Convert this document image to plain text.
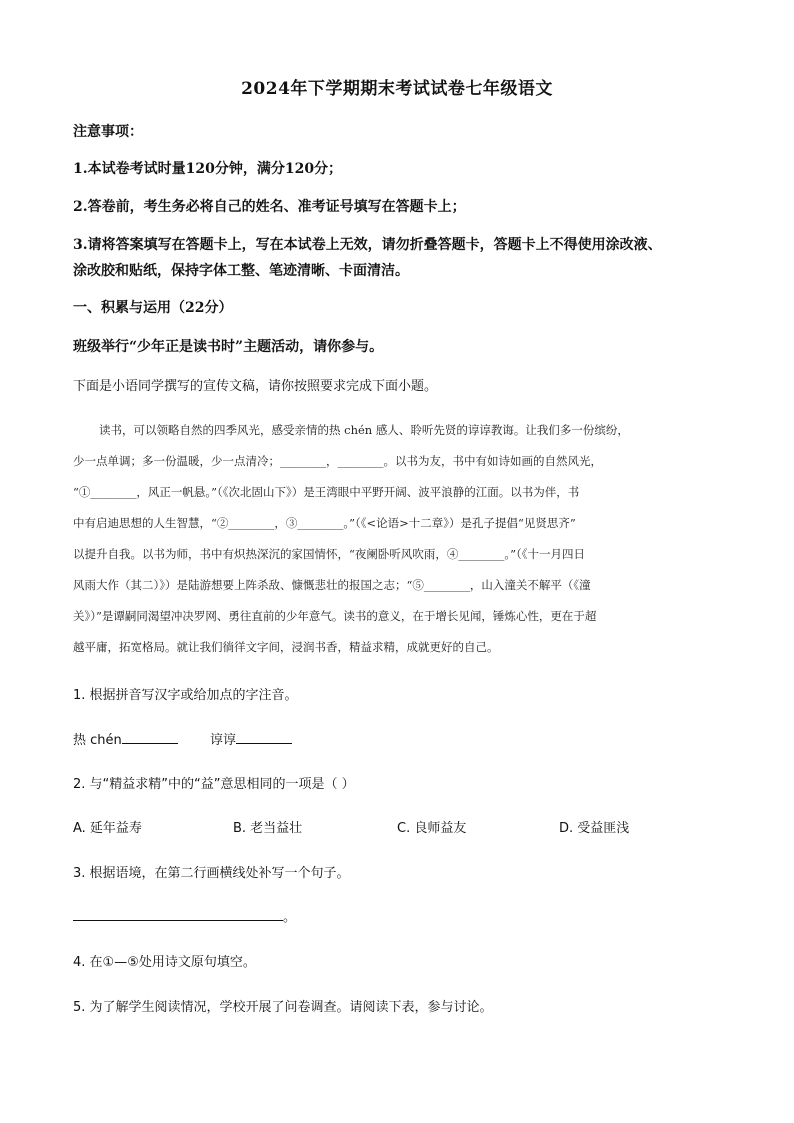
2024年下学期期末考试试卷七年级语文
注意事项：
1.本试卷考试时量120分钟，满分120分；
2.答卷前，考生务必将自己的姓名、准考证号填写在答题卡上；
3.请将答案填写在答题卡上，写在本试卷上无效，请勿折叠答题卡，答题卡上不得使用涂改液、
涂改胶和贴纸，保持字体工整、笔迹清晰、卡面清洁。
一、积累与运用（22分）
班级举行“少年正是读书时”主题活动，请你参与。
下面是小语同学撰写的宣传文稿，请你按照要求完成下面小题。
读书，可以领略自然的四季风光，感受亲情的热 chén 感人、聆听先贤的谆谆教诲。让我们多一份缤纷，
少一点单调；多一份温暖，少一点清冷；________，________。以书为友，书中有如诗如画的自然风光，
“①________，风正一帆悬。”（《次北固山下》）是王湾眼中平野开阔、波平浪静的江面。以书为伴，书
中有启迪思想的人生智慧，“②________，③________。”（《<论语>十二章》）是孔子提倡“见贤思齐”
以提升自我。以书为师，书中有炽热深沉的家国情怀，“夜阑卧听风吹雨，④________。”（《十一月四日
风雨大作（其二）》）是陆游想要上阵杀敌、慷慨悲壮的报国之志；“⑤________，山入潼关不解平（《潼
关》）”是谭嗣同渴望冲决罗网、勇往直前的少年意气。读书的意义，在于增长见闻，锤炼心性，更在于超
越平庸，拓宽格局。就让我们徜徉文字间，浸润书香，精益求精，成就更好的自己。
1. 根据拼音写汉字或给加点的字注音。
热 chén	谆谆
2. 与“精益求精”中的“益”意思相同的一项是（ ）
A. 延年益寿	B. 老当益壮	C. 良师益友	D. 受益匪浅
3. 根据语境，在第二行画横线处补写一个句子。
。
4. 在①—⑤处用诗文原句填空。
5. 为了解学生阅读情况，学校开展了问卷调查。请阅读下表，参与讨论。
